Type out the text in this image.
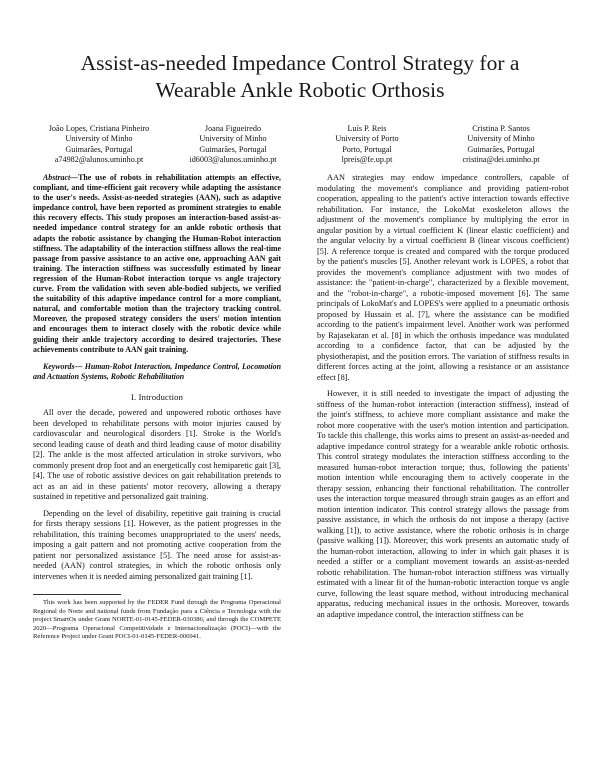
Assist-as-needed Impedance Control Strategy for a
Wearable Ankle Robotic Orthosis
João Lopes, Cristiana Pinheiro
University of Minho
Guimarães, Portugal
a74982@alunos.uminho.pt
Joana Figueiredo
University of Minho
Guimarães, Portugal
id6003@alunos.uminho.pt
Luís P. Reis
University of Porto
Porto, Portugal
lpreis@fe.up.pt
Cristina P. Santos
University of Minho
Guimarães, Portugal
cristina@dei.uminho.pt

Abstract—The use of robots in rehabilitation attempts an effective, compliant, and time-efficient gait recovery while adapting the assistance to the user's needs. Assist-as-needed strategies (AAN), such as adaptive impedance control, have been reported as prominent strategies to enable this recovery effects. This study proposes an interaction-based assist-as-needed impedance control strategy for an ankle robotic orthosis that adapts the robotic assistance by changing the Human-Robot interaction stiffness. The adaptability of the interaction stiffness allows the real-time passage from passive assistance to an active one, approaching AAN gait training. The interaction stiffness was successfully estimated by linear regression of the Human-Robot interaction torque vs angle trajectory curve. From the validation with seven able-bodied subjects, we verified the suitability of this adaptive impedance control for a more compliant, natural, and comfortable motion than the trajectory tracking control. Moreover, the proposed strategy considers the users' motion intention and encourages them to interact closely with the robotic device while guiding their ankle trajectory according to desired trajectories. These achievements contribute to AAN gait training.

Keywords— Human-Robot Interaction, Impedance Control, Locomotion and Actuation Systems, Robotic Rehabilitation

I. Introduction

All over the decade, powered and unpowered robotic orthoses have been developed to rehabilitate persons with motor injuries caused by cardiovascular and neurological disorders [1]. Stroke is the World's second leading cause of death and third leading cause of motor disability [2]. The ankle is the most affected articulation in stroke survivors, who commonly present drop foot and an energetically cost hemiparetic gait [3], [4]. The use of robotic assistive devices on gait rehabilitation pretends to act as an aid in these patients' motor recovery, allowing a therapy sustained in repetitive and personalized gait training.

Depending on the level of disability, repetitive gait training is crucial for firsts therapy sessions [1]. However, as the patient progresses in the rehabilitation, this training becomes unappropriated to the users' needs, imposing a gait pattern and not promoting active cooperation from the patient nor personalized assistance [5]. The need arose for assist-as-needed (AAN) control strategies, in which the robotic orthosis only intervenes when it is needed aiming personalized gait training [1].

This work has been supported by the FEDER Fund through the Programa Operacional Regional do Norte and national funds from Fundação para a Ciência e Tecnologia with the project SmartOs under Grant NORTE-01-0145-FEDER-030386, and through the COMPETE 2020—Programa Operacional Competitividade e Internacionalização (POCI)—with the Reference Project under Grant POCI-01-0145-FEDER-006941.

AAN strategies may endow impedance controllers, capable of modulating the movement's compliance and providing patient-robot cooperation, appealing to the patient's active interaction towards effective rehabilitation. For instance, the LokoMat exoskeleton allows the adjustment of the movement's compliance by multiplying the error in angular position by a virtual coefficient K (linear elastic coefficient) and the angular velocity by a virtual coefficient B (linear viscous coefficient) [5]. A reference torque is created and compared with the torque produced by the patient's muscles [5]. Another relevant work is LOPES, a robot that provides the movement's compliance adjustment with two modes of assistance: the "patient-in-charge", characterized by a flexible movement, and the "robot-in-charge", a robotic-imposed movement [6]. The same principals of LokoMat's and LOPES's were applied to a pneumatic orthosis proposed by Hussain et al. [7], where the assistance can be modified according to the patient's impairment level. Another work was performed by Rajasekaran et al. [8] in which the orthosis impedance was modulated according to a confidence factor, that can be adjusted by the physiotherapist, and the position errors. The variation of stiffness results in different forces acting at the joint, allowing a resistance or an assistance effect [8].

However, it is still needed to investigate the impact of adjusting the stiffness of the human-robot interaction (interaction stiffness), instead of the joint's stiffness, to achieve more compliant assistance and make the robot more cooperative with the user's motion intention and participation. To tackle this challenge, this works aims to present an assist-as-needed and adaptive impedance control strategy for a wearable ankle robotic orthosis. This control strategy modulates the interaction stiffness according to the measured human-robot interaction torque; thus, following the patients' motion intention while encouraging them to actively cooperate in the therapy session, enhancing their functional rehabilitation. The controller uses the interaction torque measured through strain gauges as an effort and motion intention indicator. This control strategy allows the passage from passive assistance, in which the orthosis do not impose a therapy (active walking [1]), to active assistance, where the robotic orthosis is in charge (passive walking [1]). Moreover, this work presents an automatic study of the human-robot interaction, allowing to infer in which gait phases it is needed a stiffer or a compliant movement towards an assist-as-needed robotic rehabilitation. The human-robot interaction stiffness was virtually estimated with a linear fit of the human-robotic interaction torque vs angle curve, following the least square method, without introducing mechanical apparatus, reducing mechanical issues in the orthosis. Moreover, towards an adaptive impedance control, the interaction stiffness can be
